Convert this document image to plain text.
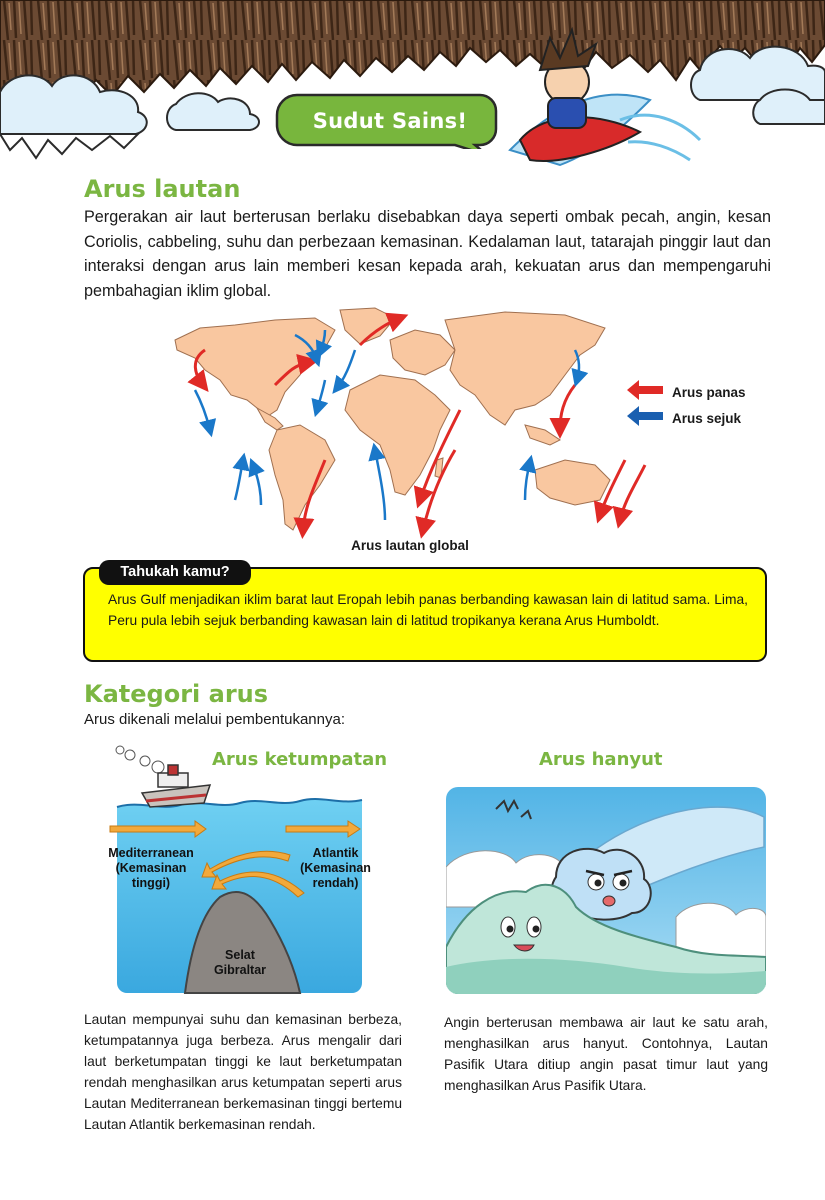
Sudut Sains!
Arus lautan

Pergerakan air laut berterusan berlaku disebabkan daya seperti ombak pecah, angin, kesan Coriolis, cabbeling, suhu dan perbezaan kemasinan. Kedalaman laut, tatarajah pinggir laut dan interaksi dengan arus lain memberi kesan kepada arah, kekuatan arus dan mempengaruhi pembahagian iklim global.

Arus lautan global
Arus panas
Arus sejuk
Tahukah kamu?

Arus Gulf menjadikan iklim barat laut Eropah lebih panas berbanding kawasan lain di latitud sama. Lima, Peru pula lebih sejuk berbanding kawasan lain di latitud tropikanya kerana Arus Humboldt.

Kategori arus

Arus dikenali melalui pembentukannya:

Arus ketumpatan	Arus hanyut
Mediterranean
(Kemasinan
tinggi)
Atlantik
(Kemasinan
rendah)
Selat
Gibraltar

Lautan mempunyai suhu dan kemasinan berbeza, ketumpatannya juga berbeza. Arus mengalir dari laut berketumpatan tinggi ke laut berketumpatan rendah menghasilkan arus ketumpatan seperti arus Lautan Mediterranean berkemasinan tinggi bertemu Lautan Atlantik berkemasinan rendah.

Angin berterusan membawa air laut ke satu arah, menghasilkan arus hanyut. Contohnya, Lautan Pasifik Utara ditiup angin pasat timur laut yang menghasilkan Arus Pasifik Utara.
